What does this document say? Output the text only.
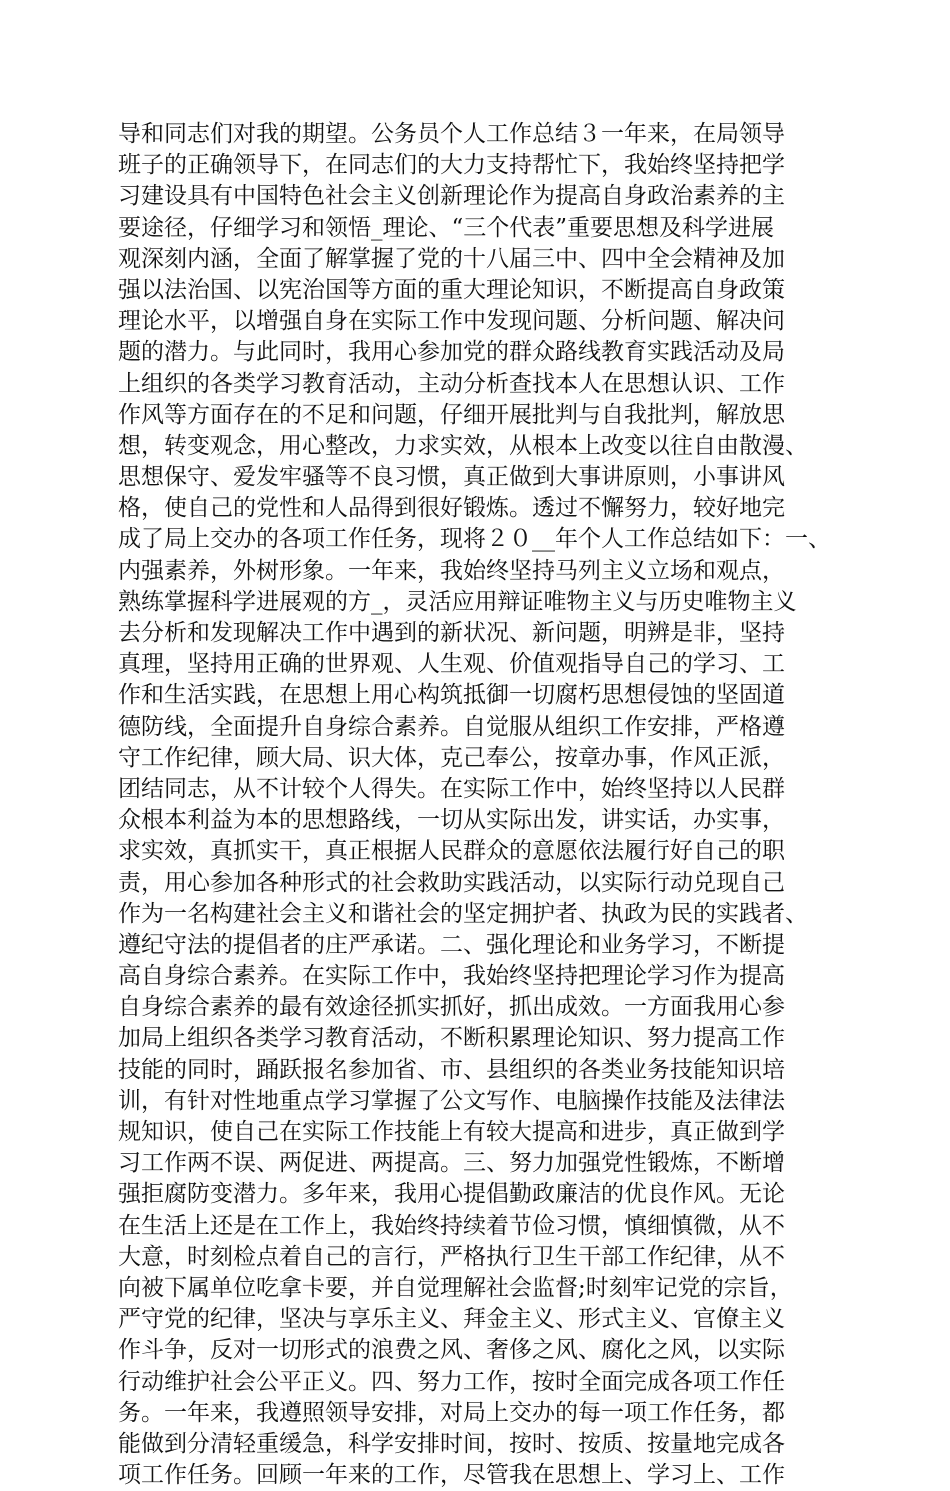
导和同志们对我的期望。公务员个人工作总结３一年来，在局领导
班子的正确领导下，在同志们的大力支持帮忙下，我始终坚持把学
习建设具有中国特色社会主义创新理论作为提高自身政治素养的主
要途径，仔细学习和领悟_理论、“三个代表”重要思想及科学进展
观深刻内涵，全面了解掌握了党的十八届三中、四中全会精神及加
强以法治国、以宪治国等方面的重大理论知识，不断提高自身政策
理论水平，以增强自身在实际工作中发现问题、分析问题、解决问
题的潜力。与此同时，我用心参加党的群众路线教育实践活动及局
上组织的各类学习教育活动，主动分析查找本人在思想认识、工作
作风等方面存在的不足和问题，仔细开展批判与自我批判，解放思
想，转变观念，用心整改，力求实效，从根本上改变以往自由散漫、
思想保守、爱发牢骚等不良习惯，真正做到大事讲原则，小事讲风
格，使自己的党性和人品得到很好锻炼。透过不懈努力，较好地完
成了局上交办的各项工作任务，现将２０__年个人工作总结如下：一、
内强素养，外树形象。一年来，我始终坚持马列主义立场和观点，
熟练掌握科学进展观的方_，灵活应用辩证唯物主义与历史唯物主义
去分析和发现解决工作中遇到的新状况、新问题，明辨是非，坚持
真理，坚持用正确的世界观、人生观、价值观指导自己的学习、工
作和生活实践，在思想上用心构筑抵御一切腐朽思想侵蚀的坚固道
德防线，全面提升自身综合素养。自觉服从组织工作安排，严格遵
守工作纪律，顾大局、识大体，克己奉公，按章办事，作风正派，
团结同志，从不计较个人得失。在实际工作中，始终坚持以人民群
众根本利益为本的思想路线，一切从实际出发，讲实话，办实事，
求实效，真抓实干，真正根据人民群众的意愿依法履行好自己的职
责，用心参加各种形式的社会救助实践活动，以实际行动兑现自己
作为一名构建社会主义和谐社会的坚定拥护者、执政为民的实践者、
遵纪守法的提倡者的庄严承诺。二、强化理论和业务学习，不断提
高自身综合素养。在实际工作中，我始终坚持把理论学习作为提高
自身综合素养的最有效途径抓实抓好，抓出成效。一方面我用心参
加局上组织各类学习教育活动，不断积累理论知识、努力提高工作
技能的同时，踊跃报名参加省、市、县组织的各类业务技能知识培
训，有针对性地重点学习掌握了公文写作、电脑操作技能及法律法
规知识，使自己在实际工作技能上有较大提高和进步，真正做到学
习工作两不误、两促进、两提高。三、努力加强党性锻炼，不断增
强拒腐防变潜力。多年来，我用心提倡勤政廉洁的优良作风。无论
在生活上还是在工作上，我始终持续着节俭习惯，慎细慎微，从不
大意，时刻检点着自己的言行，严格执行卫生干部工作纪律，从不
向被下属单位吃拿卡要，并自觉理解社会监督;时刻牢记党的宗旨，
严守党的纪律，坚决与享乐主义、拜金主义、形式主义、官僚主义
作斗争，反对一切形式的浪费之风、奢侈之风、腐化之风，以实际
行动维护社会公平正义。四、努力工作，按时全面完成各项工作任
务。一年来，我遵照领导安排，对局上交办的每一项工作任务，都
能做到分清轻重缓急，科学安排时间，按时、按质、按量地完成各
项工作任务。回顾一年来的工作，尽管我在思想上、学习上、工作
